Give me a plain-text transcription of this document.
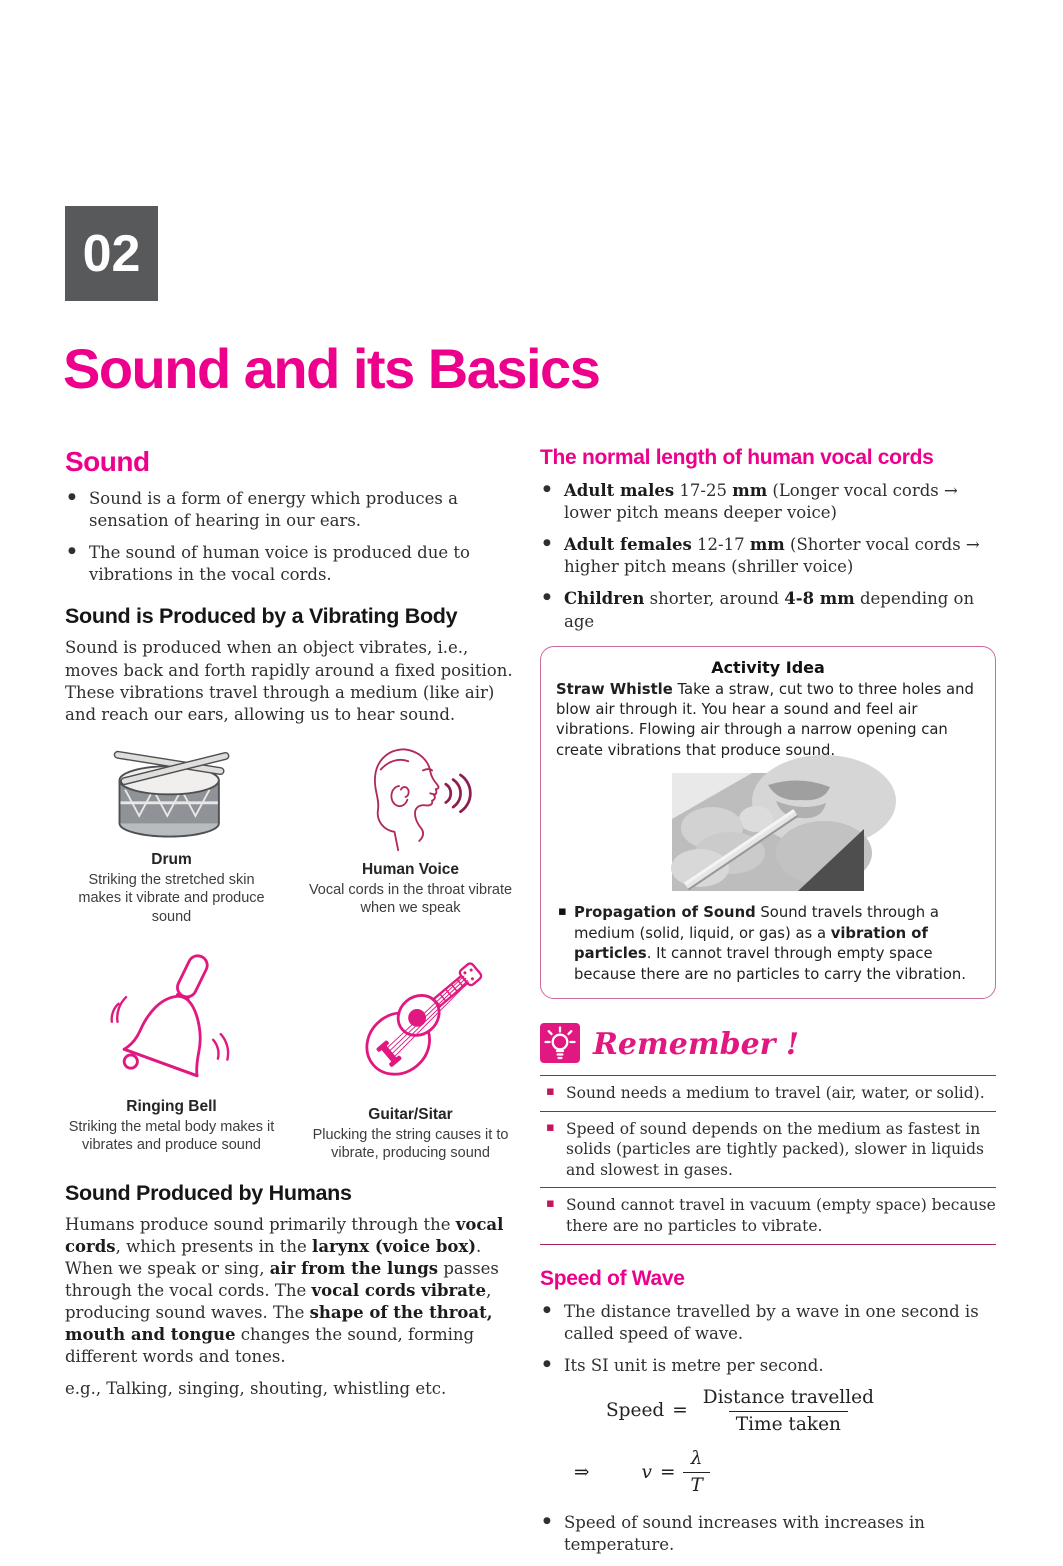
02
Sound and its Basics
Sound
● Sound is a form of energy which produces a sensation of hearing in our ears.
● The sound of human voice is produced due to vibrations in the vocal cords.
Sound is Produced by a Vibrating Body

Sound is produced when an object vibrates, i.e., moves back and forth rapidly around a fixed position. These vibrations travel through a medium (like air) and reach our ears, allowing us to hear sound.

Drum
Striking the stretched skin makes it vibrate and produce sound
Human Voice
Vocal cords in the throat vibrate when we speak
Ringing Bell
Striking the metal body makes it vibrates and produce sound
Guitar/Sitar
Plucking the string causes it to vibrate, producing sound
Sound Produced by Humans

Humans produce sound primarily through the vocal cords, which presents in the larynx (voice box). When we speak or sing, air from the lungs passes through the vocal cords. The vocal cords vibrate, producing sound waves. The shape of the throat, mouth and tongue changes the sound, forming different words and tones.

e.g., Talking, singing, shouting, whistling etc.

The normal length of human vocal cords
● Adult males 17-25 mm (Longer vocal cords → lower pitch means deeper voice)
● Adult females 12-17 mm (Shorter vocal cords → higher pitch means (shriller voice)
● Children shorter, around 4-8 mm depending on age
Activity Idea
Straw Whistle Take a straw, cut two to three holes and blow air through it. You hear a sound and feel air vibrations. Flowing air through a narrow opening can create vibrations that produce sound.
▪ Propagation of Sound Sound travels through a medium (solid, liquid, or gas) as a vibration of particles. It cannot travel through empty space because there are no particles to carry the vibration.
Remember !
▪ Sound needs a medium to travel (air, water, or solid).
▪ Speed of sound depends on the medium as fastest in solids (particles are tightly packed), slower in liquids and slowest in gases.
▪ Sound cannot travel in vacuum (empty space) because there are no particles to vibrate.
Speed of Wave
● The distance travelled by a wave in one second is called speed of wave.
● Its SI unit is metre per second.
Speed = $\frac{\text{Distance travelled}}{\text{Time taken}}$
⇒	$v = \frac{\lambda}{T}$
● Speed of sound increases with increases in temperature.
